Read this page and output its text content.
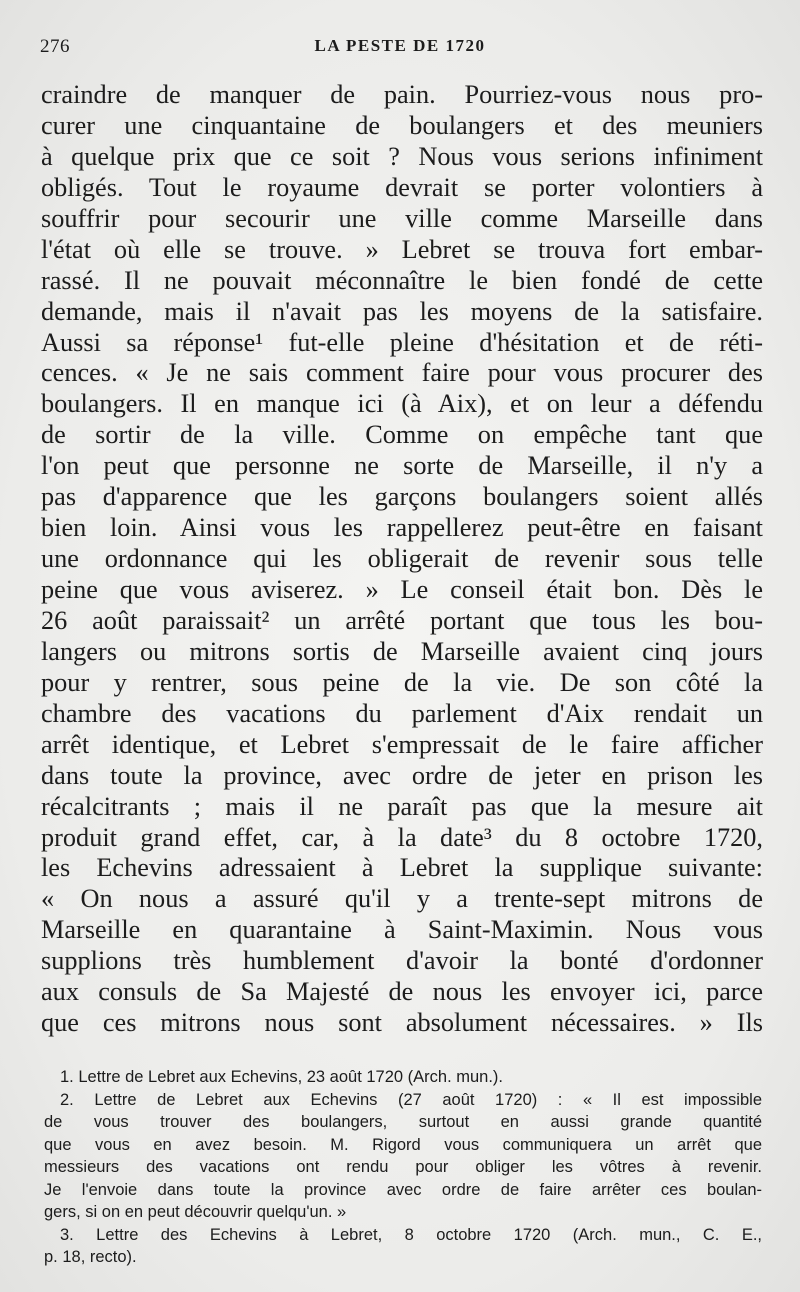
276	LA PESTE DE 1720
craindre de manquer de pain. Pourriez-vous nous pro-
curer une cinquantaine de boulangers et des meuniers
à quelque prix que ce soit ? Nous vous serions infiniment
obligés. Tout le royaume devrait se porter volontiers à
souffrir pour secourir une ville comme Marseille dans
l'état où elle se trouve. » Lebret se trouva fort embar-
rassé. Il ne pouvait méconnaître le bien fondé de cette
demande, mais il n'avait pas les moyens de la satisfaire.
Aussi sa réponse¹ fut-elle pleine d'hésitation et de réti-
cences. « Je ne sais comment faire pour vous procurer des
boulangers. Il en manque ici (à Aix), et on leur a défendu
de sortir de la ville. Comme on empêche tant que
l'on peut que personne ne sorte de Marseille, il n'y a
pas d'apparence que les garçons boulangers soient allés
bien loin. Ainsi vous les rappellerez peut-être en faisant
une ordonnance qui les obligerait de revenir sous telle
peine que vous aviserez. » Le conseil était bon. Dès le
26 août paraissait² un arrêté portant que tous les bou-
langers ou mitrons sortis de Marseille avaient cinq jours
pour y rentrer, sous peine de la vie. De son côté la
chambre des vacations du parlement d'Aix rendait un
arrêt identique, et Lebret s'empressait de le faire afficher
dans toute la province, avec ordre de jeter en prison les
récalcitrants ; mais il ne paraît pas que la mesure ait
produit grand effet, car, à la date³ du 8 octobre 1720,
les Echevins adressaient à Lebret la supplique suivante:
« On nous a assuré qu'il y a trente-sept mitrons de
Marseille en quarantaine à Saint-Maximin. Nous vous
supplions très humblement d'avoir la bonté d'ordonner
aux consuls de Sa Majesté de nous les envoyer ici, parce
que ces mitrons nous sont absolument nécessaires. » Ils
1. Lettre de Lebret aux Echevins, 23 août 1720 (Arch. mun.).
2. Lettre de Lebret aux Echevins (27 août 1720) : « Il est impossible
de vous trouver des boulangers, surtout en aussi grande quantité
que vous en avez besoin. M. Rigord vous communiquera un arrêt que
messieurs des vacations ont rendu pour obliger les vôtres à revenir.
Je l'envoie dans toute la province avec ordre de faire arrêter ces boulan-
gers, si on en peut découvrir quelqu'un. »
3. Lettre des Echevins à Lebret, 8 octobre 1720 (Arch. mun., C. E.,
p. 18, recto).
